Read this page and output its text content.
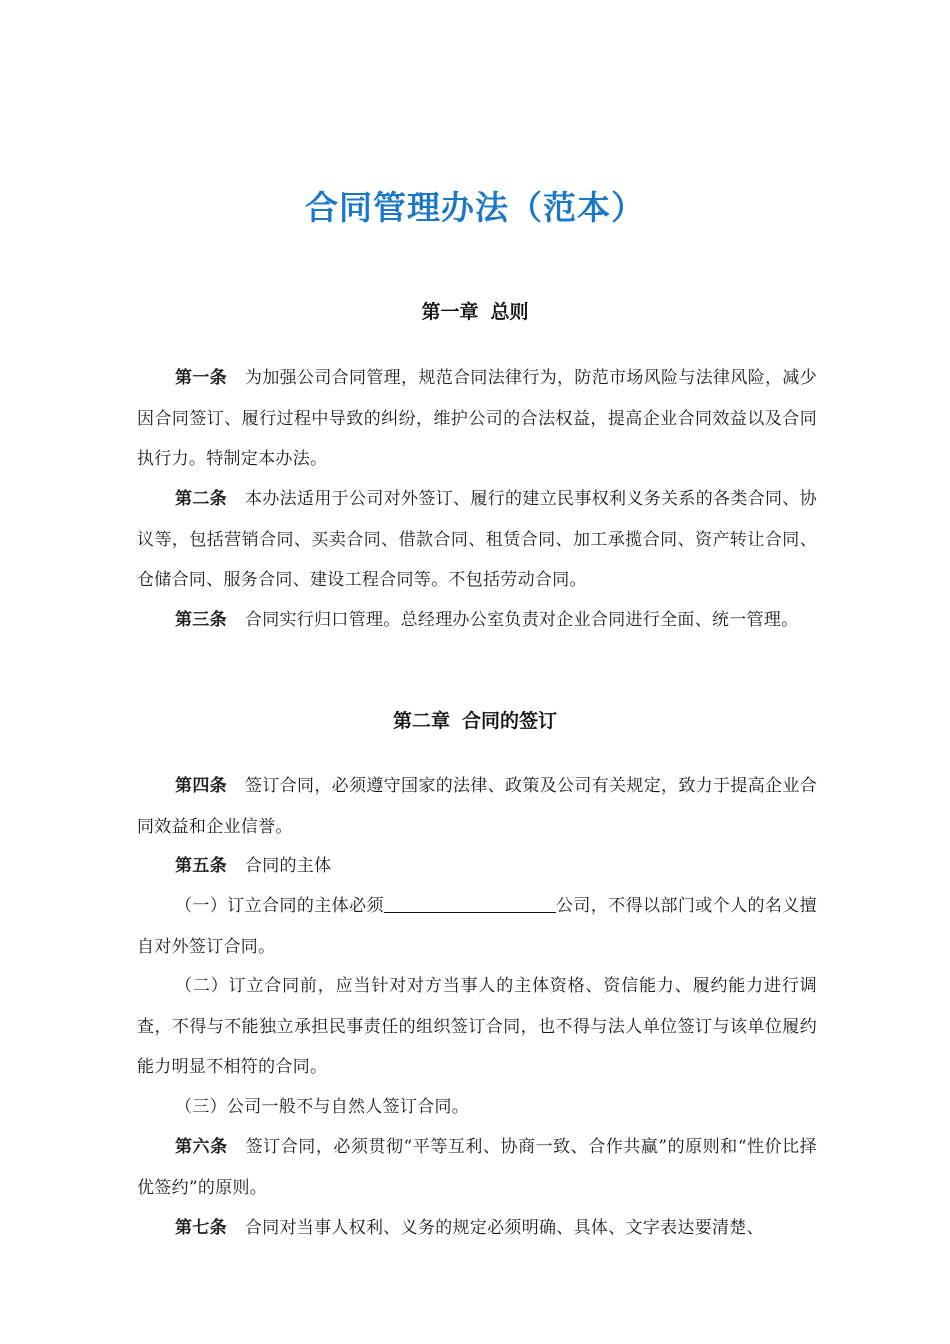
合同管理办法（范本）
第一章 总则
第一条 为加强公司合同管理，规范合同法律行为，防范市场风险与法律风险，减少因合同签订、履行过程中导致的纠纷，维护公司的合法权益，提高企业合同效益以及合同执行力。特制定本办法。
第二条 本办法适用于公司对外签订、履行的建立民事权利义务关系的各类合同、协议等，包括营销合同、买卖合同、借款合同、租赁合同、加工承揽合同、资产转让合同、仓储合同、服务合同、建设工程合同等。不包括劳动合同。
第三条 合同实行归口管理。总经理办公室负责对企业合同进行全面、统一管理。
第二章 合同的签订
第四条 签订合同，必须遵守国家的法律、政策及公司有关规定，致力于提高企业合同效益和企业信誉。
第五条 合同的主体
（一）订立合同的主体必须	公司，不得以部门或个人的名义擅自对外签订合同。
（二）订立合同前，应当针对对方当事人的主体资格、资信能力、履约能力进行调查，不得与不能独立承担民事责任的组织签订合同，也不得与法人单位签订与该单位履约能力明显不相符的合同。
（三）公司一般不与自然人签订合同。
第六条 签订合同，必须贯彻“平等互利、协商一致、合作共赢”的原则和“性价比择优签约”的原则。
第七条 合同对当事人权利、义务的规定必须明确、具体、文字表达要清楚、
